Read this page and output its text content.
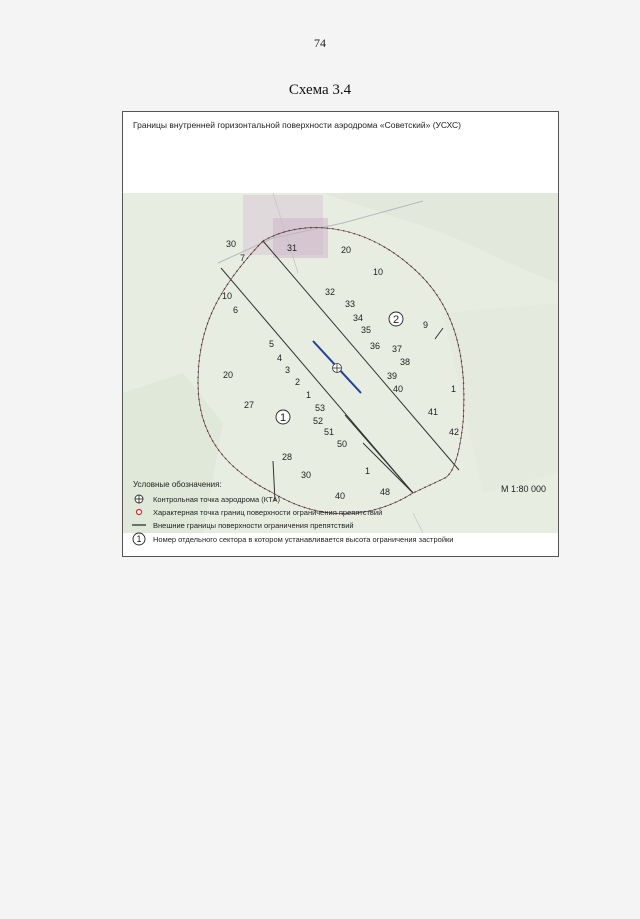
74
Схема 3.4
Границы внутренней горизонтальной поверхности аэродрома «Советский» (УСХС)
1
2
30	31	20
7
10
10
6
9
32
33
34
35
36 37
38
39
40	1
5
4
3
2
1
20
27	53
52
51
50
41
42
28
30
40	48
1
Условные обозначения:	М 1:80 000
Контрольная точка аэродрома (КТА)
Характерная точка границ поверхности ограничения препятствий
Внешние границы поверхности ограничения препятствий
1 Номер отдельного сектора в котором устанавливается высота ограничения застройки
